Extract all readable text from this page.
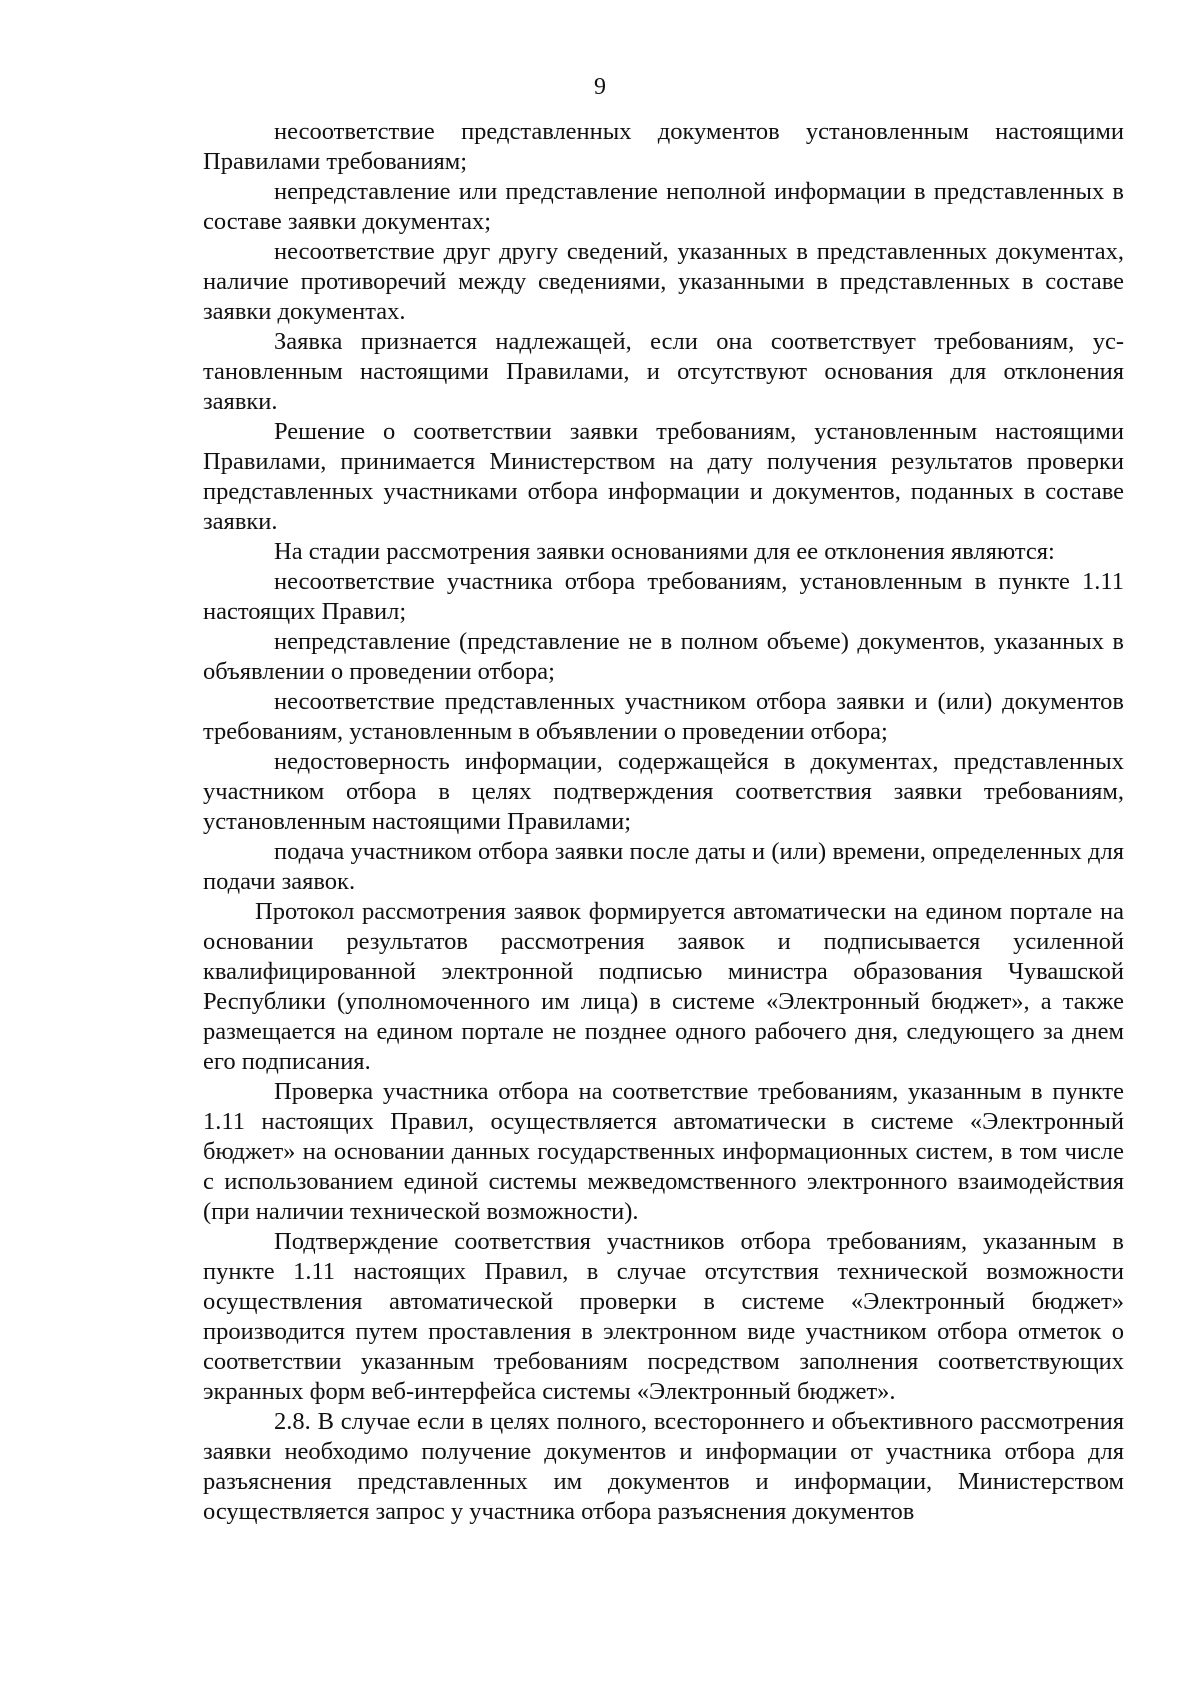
9

несоответствие представленных документов установленным настоящими Правилами требованиям;

непредставление или представление неполной информации в представленных в составе заявки документах;

несоответствие друг другу сведений, указанных в представленных документах, наличие противоречий между сведениями, указанными в представленных в составе заявки документах.

Заявка признается надлежащей, если она соответствует требованиям, установленным настоящими Правилами, и отсутствуют основания для отклонения заявки.

Решение о соответствии заявки требованиям, установленным настоящими Правилами, принимается Министерством на дату получения результатов проверки представленных участниками отбора информации и документов, поданных в составе заявки.

На стадии рассмотрения заявки основаниями для ее отклонения являются:

несоответствие участника отбора требованиям, установленным в пункте 1.11 настоящих Правил;

непредставление (представление не в полном объеме) документов, указанных в объявлении о проведении отбора;

несоответствие представленных участником отбора заявки и (или) документов требованиям, установленным в объявлении о проведении отбора;

недостоверность информации, содержащейся в документах, представленных участником отбора в целях подтверждения соответствия заявки требованиям, установленным настоящими Правилами;

подача участником отбора заявки после даты и (или) времени, определенных для подачи заявок.

Протокол рассмотрения заявок формируется автоматически на едином портале на основании результатов рассмотрения заявок и подписывается усиленной квалифицированной электронной подписью министра образования Чувашской Республики (уполномоченного им лица) в системе «Электронный бюджет», а также размещается на едином портале не позднее одного рабочего дня, следующего за днем его подписания.

Проверка участника отбора на соответствие требованиям, указанным в пункте 1.11 настоящих Правил, осуществляется автоматически в системе «Электронный бюджет» на основании данных государственных информационных систем, в том числе с использованием единой системы межведомственного электронного взаимодействия (при наличии технической возможности).

Подтверждение соответствия участников отбора требованиям, указанным в пункте 1.11 настоящих Правил, в случае отсутствия технической возможности осуществления автоматической проверки в системе «Электронный бюджет» производится путем проставления в электронном виде участником отбора отметок о соответствии указанным требованиям посредством заполнения соответствующих экранных форм веб-интерфейса системы «Электронный бюджет».

2.8. В случае если в целях полного, всестороннего и объективного рассмотрения заявки необходимо получение документов и информации от участника отбора для разъяснения представленных им документов и информации, Министерством осуществляется запрос у участника отбора разъяснения документов
